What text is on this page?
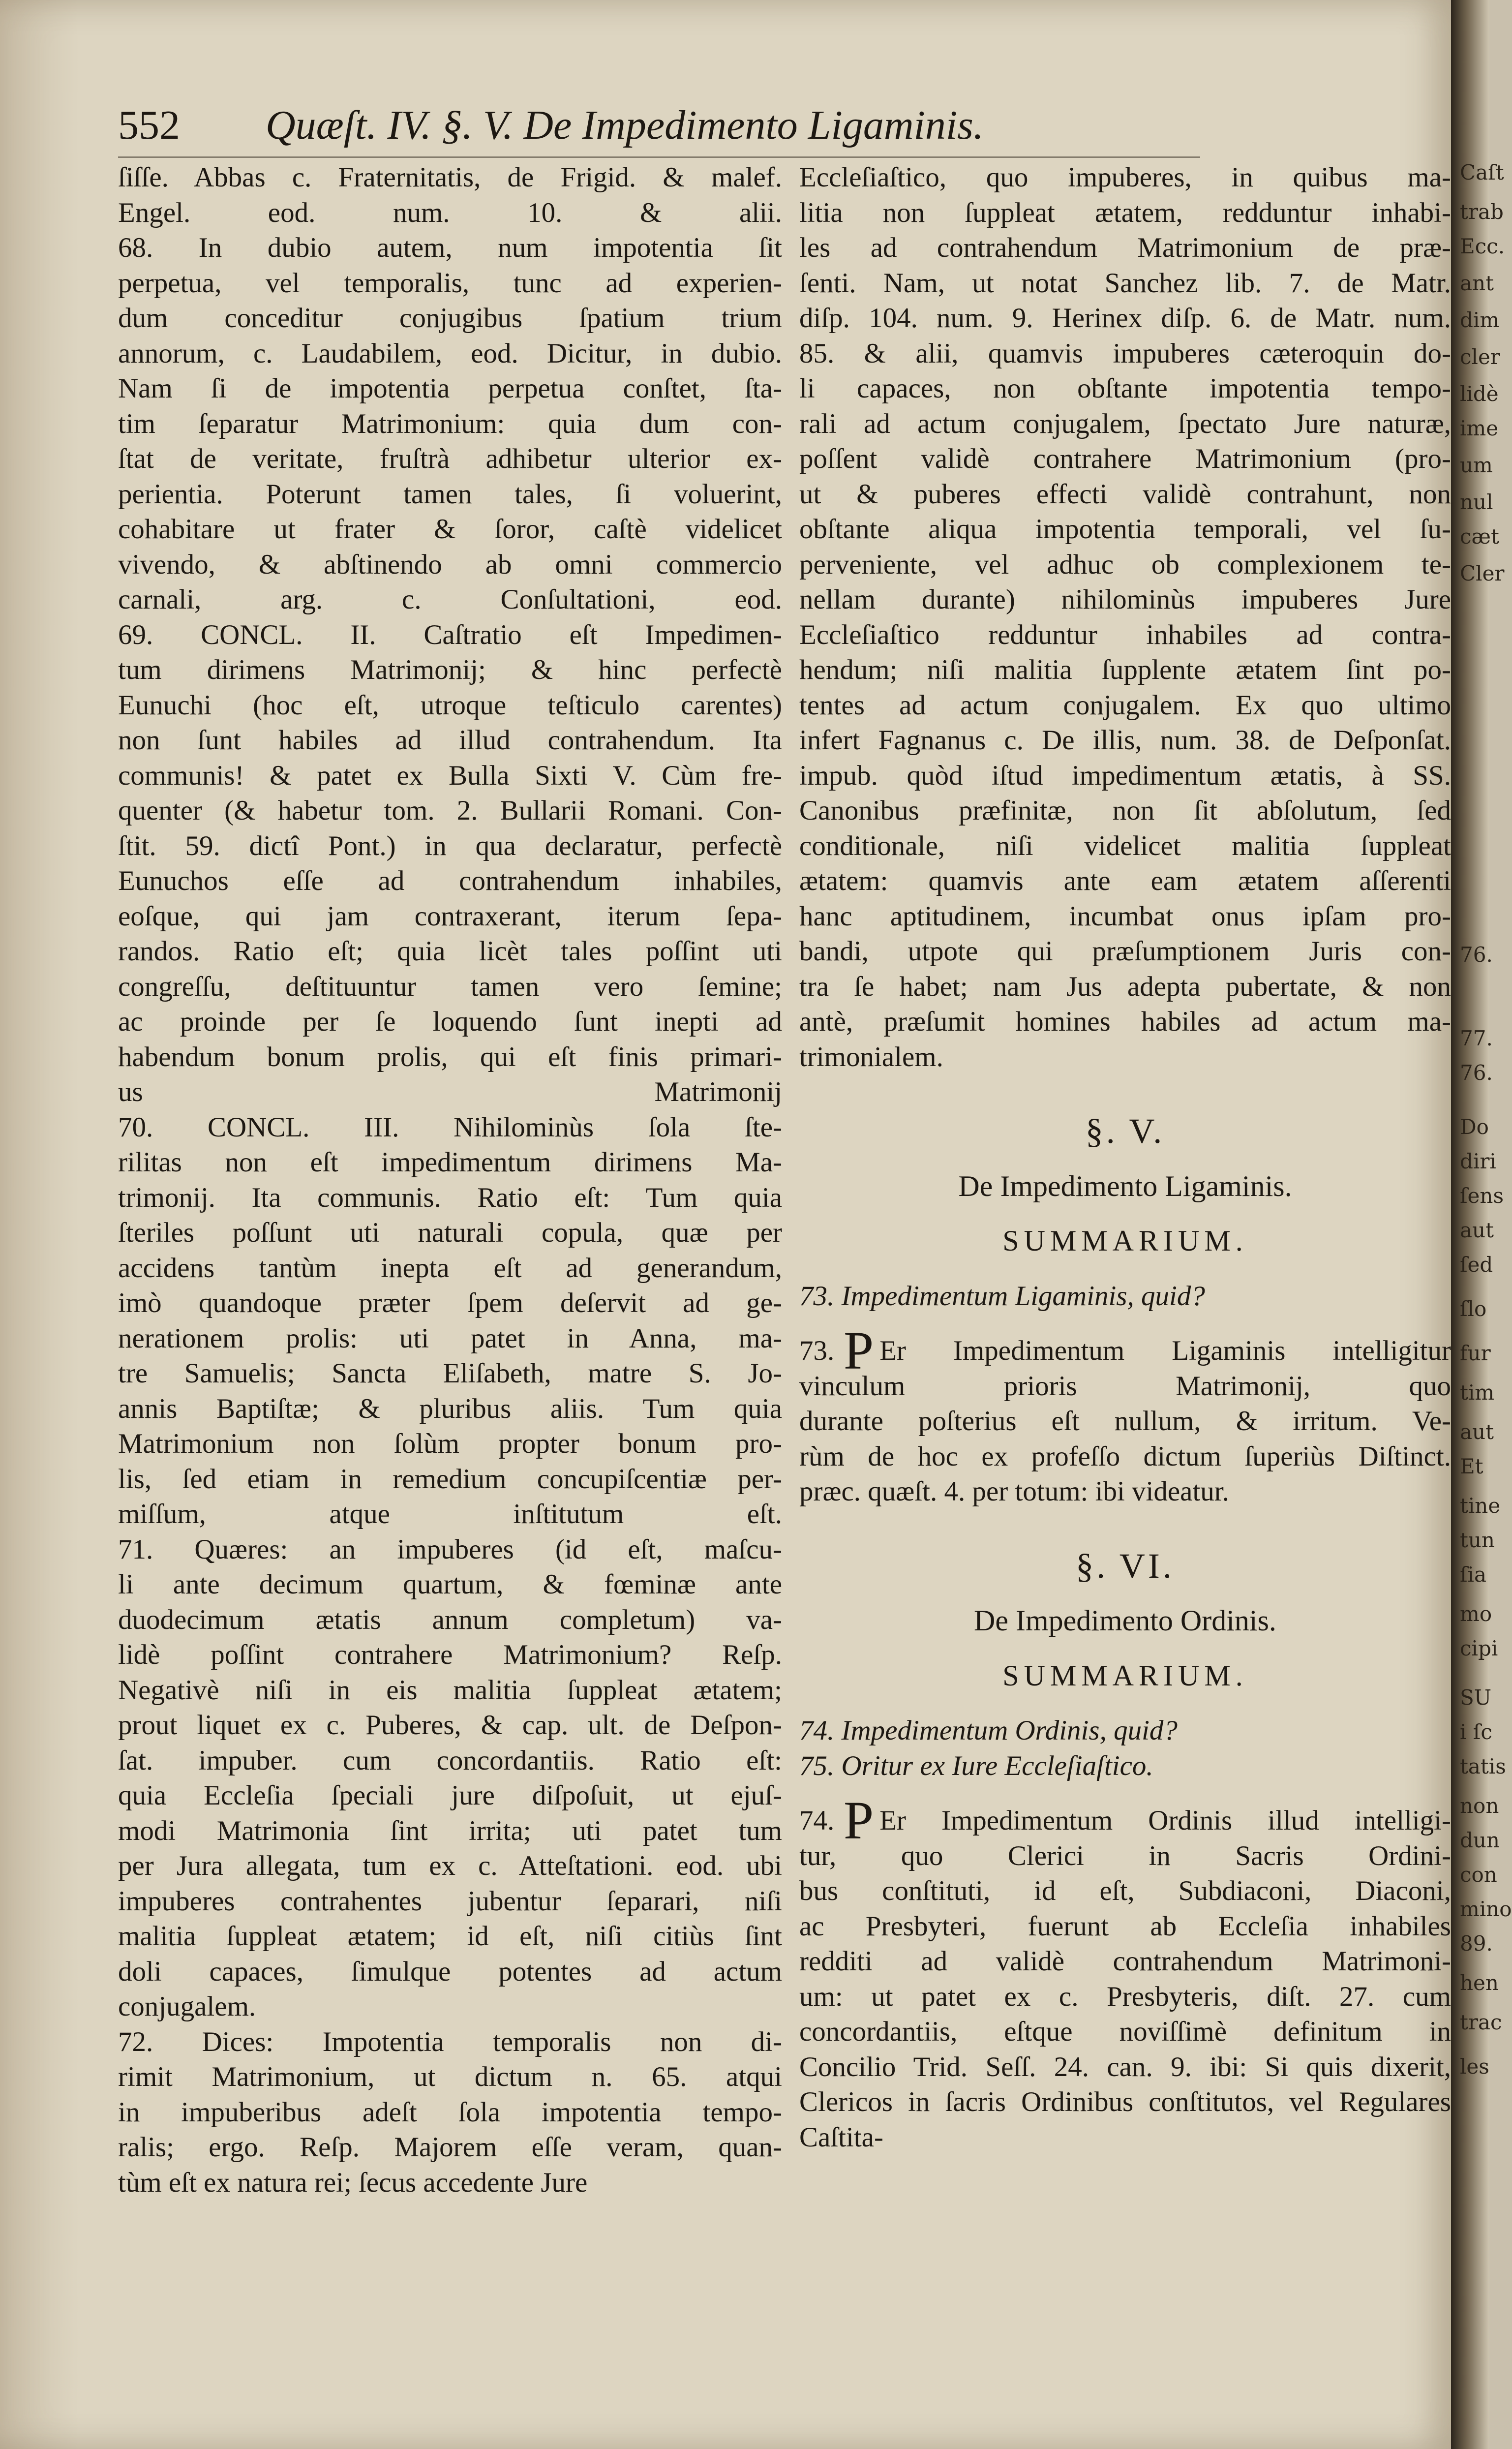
552 Quæſt. IV. §. V. De Impedimento Ligaminis.
ſiſſe. Abbas c. Fraternitatis, de Frigid. & malef.
Engel. eod. num. 10. & alii.
68. In dubio autem, num impotentia ſit
perpetua, vel temporalis, tunc ad experien-
dum conceditur conjugibus ſpatium trium
annorum, c. Laudabilem, eod. Dicitur, in dubio.
Nam ſi de impotentia perpetua conſtet, ſta-
tim ſeparatur Matrimonium: quia dum con-
ſtat de veritate, fruſtrà adhibetur ulterior ex-
perientia. Poterunt tamen tales, ſi voluerint,
cohabitare ut frater & ſoror, caſtè videlicet
vivendo, & abſtinendo ab omni commercio
carnali, arg. c. Conſultationi, eod.
69. CONCL. II. Caſtratio eſt Impedimen-
tum dirimens Matrimonij; & hinc perfectè
Eunuchi (hoc eſt, utroque teſticulo carentes)
non ſunt habiles ad illud contrahendum. Ita
communis! & patet ex Bulla Sixti V. Cùm fre-
quenter (& habetur tom. 2. Bullarii Romani. Con-
ſtit. 59. dictî Pont.) in qua declaratur, perfectè
Eunuchos eſſe ad contrahendum inhabiles,
eoſque, qui jam contraxerant, iterum ſepa-
randos. Ratio eſt; quia licèt tales poſſint uti
congreſſu, deſtituuntur tamen vero ſemine;
ac proinde per ſe loquendo ſunt inepti ad
habendum bonum prolis, qui eſt finis primari-
us Matrimonij
70. CONCL. III. Nihilominùs ſola ſte-
rilitas non eſt impedimentum dirimens Ma-
trimonij. Ita communis. Ratio eſt: Tum quia
ſteriles poſſunt uti naturali copula, quæ per
accidens tantùm inepta eſt ad generandum,
imò quandoque præter ſpem deſervit ad ge-
nerationem prolis: uti patet in Anna, ma-
tre Samuelis; Sancta Eliſabeth, matre S. Jo-
annis Baptiſtæ; & pluribus aliis. Tum quia
Matrimonium non ſolùm propter bonum pro-
lis, ſed etiam in remedium concupiſcentiæ per-
miſſum, atque inſtitutum eſt.
71. Quæres: an impuberes (id eſt, maſcu-
li ante decimum quartum, & fœminæ ante
duodecimum ætatis annum completum) va-
lidè poſſint contrahere Matrimonium? Reſp.
Negativè niſi in eis malitia ſuppleat ætatem;
prout liquet ex c. Puberes, & cap. ult. de Deſpon-
ſat. impuber. cum concordantiis. Ratio eſt:
quia Eccleſia ſpeciali jure diſpoſuit, ut ejuſ-
modi Matrimonia ſint irrita; uti patet tum
per Jura allegata, tum ex c. Atteſtationi. eod. ubi
impuberes contrahentes jubentur ſeparari, niſi
malitia ſuppleat ætatem; id eſt, niſi citiùs ſint
doli capaces, ſimulque potentes ad actum
conjugalem.
72. Dices: Impotentia temporalis non di-
rimit Matrimonium, ut dictum n. 65. atqui
in impuberibus adeſt ſola impotentia tempo-
ralis; ergo. Reſp. Majorem eſſe veram, quan-
tùm eſt ex natura rei; ſecus accedente Jure
Eccleſiaſtico, quo impuberes, in quibus ma-
litia non ſuppleat ætatem, redduntur inhabi-
les ad contrahendum Matrimonium de præ-
ſenti. Nam, ut notat Sanchez lib. 7. de Matr.
diſp. 104. num. 9. Herinex diſp. 6. de Matr. num.
85. & alii, quamvis impuberes cæteroquin do-
li capaces, non obſtante impotentia tempo-
rali ad actum conjugalem, ſpectato Jure naturæ,
poſſent validè contrahere Matrimonium (pro-
ut & puberes effecti validè contrahunt, non
obſtante aliqua impotentia temporali, vel ſu-
perveniente, vel adhuc ob complexionem te-
nellam durante) nihilominùs impuberes Jure
Eccleſiaſtico redduntur inhabiles ad contra-
hendum; niſi malitia ſupplente ætatem ſint po-
tentes ad actum conjugalem. Ex quo ultimo
infert Fagnanus c. De illis, num. 38. de Deſponſat.
impub. quòd iſtud impedimentum ætatis, à SS.
Canonibus præfinitæ, non ſit abſolutum, ſed
conditionale, niſi videlicet malitia ſuppleat
ætatem: quamvis ante eam ætatem aſſerenti
hanc aptitudinem, incumbat onus ipſam pro-
bandi, utpote qui præſumptionem Juris con-
tra ſe habet; nam Jus adepta pubertate, & non
antè, præſumit homines habiles ad actum ma-
trimonialem.
§. V.
De Impedimento Ligaminis.
SUMMARIUM.
73. Impedimentum Ligaminis, quid?
73. P Er Impedimentum Ligaminis intelligitur
vinculum prioris Matrimonij, quo
durante poſterius eſt nullum, & irritum. Ve-
rùm de hoc ex profeſſo dictum ſuperiùs Diſtinct.
præc. quæſt. 4. per totum: ibi videatur.
§. VI.
De Impedimento Ordinis.
SUMMARIUM.
74. Impedimentum Ordinis, quid?
75. Oritur ex Iure Eccleſiaſtico.
74. P Er Impedimentum Ordinis illud intelligi-
tur, quo Clerici in Sacris Ordini-
bus conſtituti, id eſt, Subdiaconi, Diaconi,
ac Presbyteri, fuerunt ab Eccleſia inhabiles
redditi ad validè contrahendum Matrimoni-
um: ut patet ex c. Presbyteris, diſt. 27. cum
concordantiis, eſtque noviſſimè definitum in
Concilio Trid. Seſſ. 24. can. 9. ibi: Si quis dixerit,
Clericos in ſacris Ordinibus conſtitutos, vel Regulares
Caſtita-
Caſt
trab
Ecc.
ant
dim
cler
lidè
ime
um
nul
cæt
Cler
76.
77.
76.
Do
diri
ſens
aut
ſed
ſlo
fur
tim
aut
Et
tine
tun
ſia
mo
cipi
SU
i ſc
tatis
non
dun
con
mino
89.
hen
trac
les
